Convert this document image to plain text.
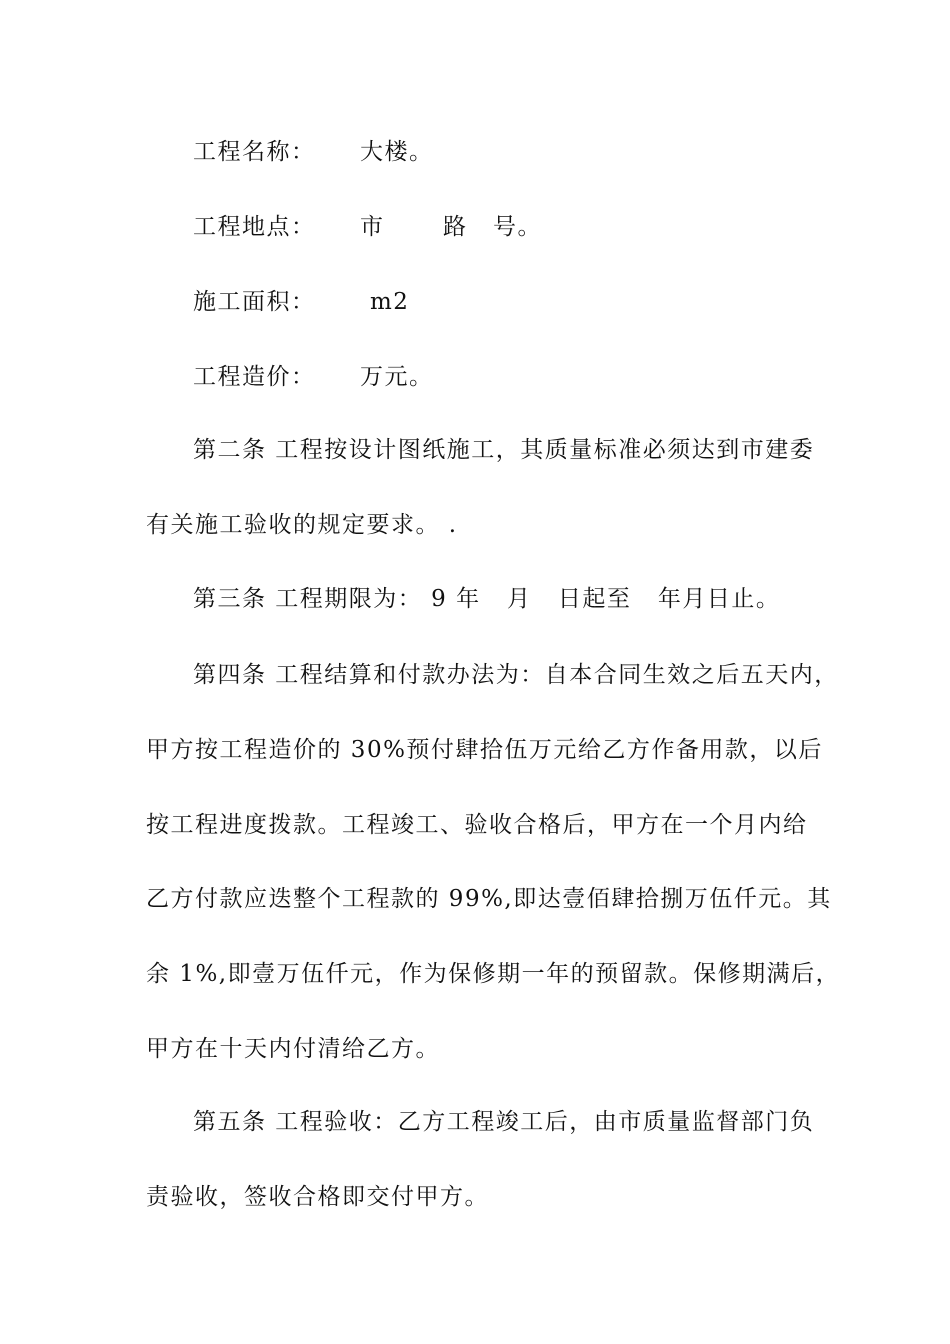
工程名称： 大楼。
工程地点： 市	路 号。
施工面积： m2
工程造价： 万元。
第二条 工程按设计图纸施工，其质量标准必须达到市建委
有关施工验收的规定要求。 .
第三条 工程期限为： 9 年   月   日起至   年月日止。
第四条 工程结算和付款办法为：自本合同生效之后五天内，
甲方按工程造价的 30%预付肆拾伍万元给乙方作备用款，以后
按工程进度拨款。工程竣工、验收合格后，甲方在一个月内给
乙方付款应迭整个工程款的 99%,即达壹佰肆拾捌万伍仟元。其
余 1%,即壹万伍仟元，作为保修期一年的预留款。保修期满后，
甲方在十天内付清给乙方。
第五条 工程验收：乙方工程竣工后，由市质量监督部门负
责验收，签收合格即交付甲方。
